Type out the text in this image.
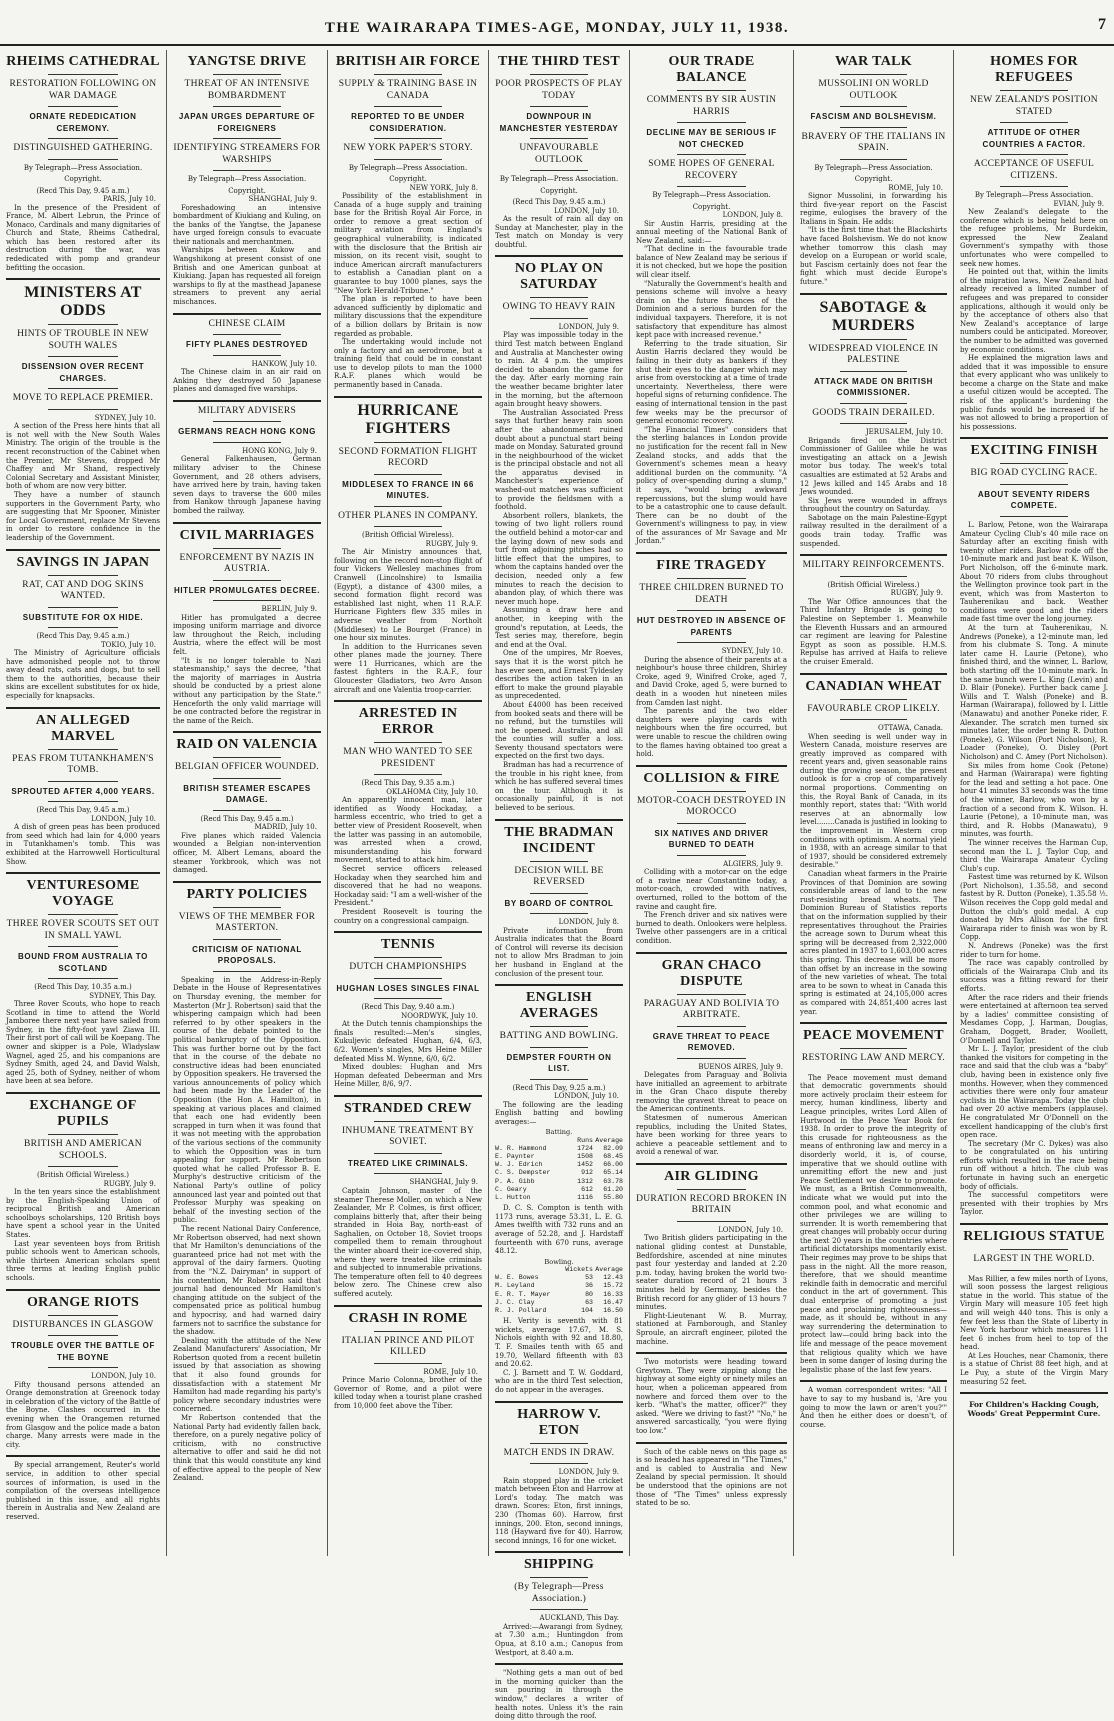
THE WAIRARAPA TIMES-AGE, MONDAY, JULY 11, 1938.	7
RHEIMS CATHEDRAL
RESTORATION FOLLOWING ON WAR DAMAGE
ORNATE REDEDICATION CEREMONY.
DISTINGUISHED GATHERING.
By Telegraph—Press Association.
Copyright.
(Recd This Day, 9.45 a.m.)
PARIS, July 10.

In the presence of the President of France, M. Albert Lebrun, the Prince of Monaco, Cardinals and many dignitaries of Church and State, Rheims Cathedral, which has been restored after its destruction during the war, was rededicated with pomp and grandeur befitting the occasion.

MINISTERS AT ODDS
HINTS OF TROUBLE IN NEW SOUTH WALES
DISSENSION OVER RECENT CHARGES.
MOVE TO REPLACE PREMIER.
SYDNEY, July 10.

A section of the Press here hints that all is not well with the New South Wales Ministry. The origin of the trouble is the recent reconstruction of the Cabinet when the Premier, Mr Stevens, dropped Mr Chaffey and Mr Shand, respectively Colonial Secretary and Assistant Minister, both of whom are now very bitter.

They have a number of staunch supporters in the Government Party, who are suggesting that Mr Spooner, Minister for Local Government, replace Mr Stevens in order to restore confidence in the leadership of the Government.

SAVINGS IN JAPAN
RAT, CAT AND DOG SKINS WANTED.
SUBSTITUTE FOR OX HIDE.
(Recd This Day, 9.45 a.m.)
TOKIO, July 10.

The Ministry of Agriculture officials have admonished people not to throw away dead rats, cats and dogs, but to sell them to the authorities, because their skins are excellent substitutes for ox hide, especially for knapsacks.

AN ALLEGED MARVEL
PEAS FROM TUTANKHAMEN'S TOMB.
SPROUTED AFTER 4,000 YEARS.
(Recd This Day, 9.45 a.m.)
LONDON, July 10.

A dish of green peas has been produced from seed which had lain for 4,000 years in Tutankhamen's tomb. This was exhibited at the Harrowwell Horticultural Show.

VENTURESOME VOYAGE
THREE ROVER SCOUTS SET OUT IN SMALL YAWL
BOUND FROM AUSTRALIA TO SCOTLAND
(Recd This Day, 10.35 a.m.)
SYDNEY, This Day.

Three Rover Scouts, who hope to reach Scotland in time to attend the World Jamboree there next year have sailed from Sydney, in the fifty-foot yawl Ziawa III. Their first port of call will be Koepang. The owner and skipper is a Pole, Wladyslaw Wagnel, aged 25, and his companions are Sydney Smith, aged 24, and David Walsh, aged 25, both of Sydney, neither of whom have been at sea before.

EXCHANGE OF PUPILS
BRITISH AND AMERICAN SCHOOLS.
(British Official Wireless.)
RUGBY, July 9.

In the ten years since the establishment by the English-Speaking Union of reciprocal British and American schoolboys scholarships, 120 British boys have spent a school year in the United States.

Last year seventeen boys from British public schools went to American schools, while thirteen American scholars spent three terms at leading English public schools.

ORANGE RIOTS
DISTURBANCES IN GLASGOW
TROUBLE OVER THE BATTLE OF THE BOYNE
LONDON, July 10.

Fifty thousand persons attended an Orange demonstration at Greenock today in celebration of the victory of the Battle of the Boyne. Clashes occurred in the evening when the Orangemen returned from Glasgow and the police made a baton charge. Many arrests were made in the city.

By special arrangement, Reuter's world service, in addition to other special sources of information, is used in the compilation of the overseas intelligence published in this issue, and all rights therein in Australia and New Zealand are reserved.

YANGTSE DRIVE
THREAT OF AN INTENSIVE BOMBARDMENT
JAPAN URGES DEPARTURE OF FOREIGNERS
IDENTIFYING STREAMERS FOR WARSHIPS
By Telegraph—Press Association.
Copyright.
SHANGHAI, July 9.

Foreshadowing an intensive bombardment of Kiukiang and Kuling, on the banks of the Yangtse, the Japanese have urged foreign consuls to evacuate their nationals and merchantmen.

Warships between Kukow and Wangshikong at present consist of one British and one American gunboat at Kiukiang. Japan has requested all foreign warships to fly at the masthead Japanese streamers to prevent any aerial mischances.

CHINESE CLAIM
FIFTY PLANES DESTROYED
HANKOW, July 10.

The Chinese claim in an air raid on Anking they destroyed 50 Japanese planes and damaged five warships.

MILITARY ADVISERS
GERMANS REACH HONG KONG
HONG KONG, July 9.

General Falkenhausen, German military adviser to the Chinese Government, and 28 others advisers, have arrived here by train, having taken seven days to traverse the 600 miles from Hankow through Japanese having bombed the railway.

CIVIL MARRIAGES
ENFORCEMENT BY NAZIS IN AUSTRIA.
HITLER PROMULGATES DECREE.
BERLIN, July 9.

Hitler has promulgated a decree imposing uniform marriage and divorce law throughout the Reich, including Austria, where the effect will be most felt.

"It is no longer tolerable to Nazi statesmanship," says the decree, "that the majority of marriages in Austria should be conducted by a priest alone without any participation by the State." Henceforth the only valid marriage will be one contracted before the registrar in the name of the Reich.

RAID ON VALENCIA
BELGIAN OFFICER WOUNDED.
BRITISH STEAMER ESCAPES DAMAGE.
(Recd This Day, 9.45 a.m.)
MADRID, July 10.

Five planes which raided Valencia wounded a Belgian non-intervention officer, M. Albert Lemans, aboard the steamer Yorkbrook, which was not damaged.

PARTY POLICIES
VIEWS OF THE MEMBER FOR MASTERTON.
CRITICISM OF NATIONAL PROPOSALS.

Speaking in the Address-in-Reply Debate in the House of Representatives on Thursday evening, the member for Masterton (Mr J. Robertson) said that the whispering campaign which had been referred to by other speakers in the course of the debate pointed to the political bankruptcy of the Opposition. This was further borne out by the fact that in the course of the debate no constructive ideas had been enunciated by Opposition speakers. He traversed the various announcements of policy which had been made by the Leader of the Opposition (the Hon A. Hamilton), in speaking at various places and claimed that each one had evidently been scrapped in turn when it was found that it was not meeting with the approbation of the various sections of the community to which the Opposition was in turn appealing for support. Mr Robertson quoted what he called Professor B. E. Murphy's destructive criticism of the National Party's outline of policy announced last year and pointed out that Professor Murphy was speaking on behalf of the investing section of the public.

The recent National Dairy Conference, Mr Robertson observed, had next shown that Mr Hamilton's denunciations of the guaranteed price had not met with the approval of the dairy farmers. Quoting from the "N.Z. Dairyman" in support of his contention, Mr Robertson said that journal had denounced Mr Hamilton's changing attitude on the subject of the compensated price as political humbug and hypocrisy, and had warned dairy farmers not to sacrifice the substance for the shadow.

Dealing with the attitude of the New Zealand Manufacturers' Association, Mr Robertson quoted from a recent bulletin issued by that association as showing that it also found grounds for dissatisfaction with a statement Mr Hamilton had made regarding his party's policy where secondary industries were concerned.

Mr Robertson contended that the National Party had evidently fallen back, therefore, on a purely negative policy of criticism, with no constructive alternative to offer and said he did not think that this would constitute any kind of effective appeal to the people of New Zealand.

BRITISH AIR FORCE
SUPPLY & TRAINING BASE IN CANADA
REPORTED TO BE UNDER CONSIDERATION.
NEW YORK PAPER'S STORY.
By Telegraph—Press Association.
Copyright.
NEW YORK, July 8.

Possibility of the establishment in Canada of a huge supply and training base for the British Royal Air Force, in order to remove a great section of military aviation from England's geographical vulnerability, is indicated with the disclosure that the British air mission, on its recent visit, sought to induce American aircraft manufacturers to establish a Canadian plant on a guarantee to buy 1000 planes, says the "New York Herald-Tribune."

The plan is reported to have been advanced sufficiently by diplomatic and military discussions that the expenditure of a billion dollars by Britain is now regarded as probable.

The undertaking would include not only a factory and an aerodrome, but a training field that could be in constant use to develop pilots to man the 1000 R.A.F. planes which would be permanently based in Canada.

HURRICANE FIGHTERS
SECOND FORMATION FLIGHT RECORD
MIDDLESEX TO FRANCE IN 66 MINUTES.
OTHER PLANES IN COMPANY.
(British Official Wireless).
RUGBY, July 9.

The Air Ministry announces that, following on the record non-stop flight of four Vickers Wellesley machines from Cranwell (Lincolnshire) to Ismailia (Egypt), a distance of 4300 miles, a second formation flight record was established last night, when 11 R.A.F. Hurricane Fighters flew 335 miles in adverse weather from Northolt (Middlesex) to Le Bourget (France) in one hour six minutes.

In addition to the Hurricanes seven other planes made the journey. There were 11 Hurricanes, which are the fastest fighters in the R.A.F., four Gloucester Gladiators, two Avro Anson aircraft and one Valentia troop-carrier.

ARRESTED IN ERROR
MAN WHO WANTED TO SEE PRESIDENT
(Recd This Day, 9.35 a.m.)
OKLAHOMA City, July 10.

An apparently innocent man, later identified as Woody Hockaday, a harmless eccentric, who tried to get a better view of President Roosevelt, when the latter was passing in an automobile, was arrested when a crowd, misunderstanding his forward movement, started to attack him.

Secret service officers released Hockaday when they searched him and discovered that he had no weapons. Hockaday said: "I am a well-wisher of the President."

President Roosevelt is touring the country on a congressional campaign.

TENNIS
DUTCH CHAMPIONSHIPS
HUGHAN LOSES SINGLES FINAL
(Recd This Day, 9.40 a.m.)
NOORDWYK, July 10.

At the Dutch tennis championships the finals resulted:—Men's singles, Kukuljevic defeated Hughan, 6/4, 6/3, 6/2. Women's singles, Mrs Heine Miller defeated Miss M. Wynne, 6/0, 6/2.

Mixed doubles: Hughan and Mrs Hopman defeated Debeerman and Mrs Heine Miller, 8/6, 9/7.

STRANDED CREW
INHUMANE TREATMENT BY SOVIET.
TREATED LIKE CRIMINALS.
SHANGHAI, July 9.

Captain Johnson, master of the steamer Therese Moller, on which a New Zealander, Mr P. Colmes, is first officer, complains bitterly that, after their being stranded in Hoia Bay, north-east of Saghalien, on October 18, Soviet troops compelled them to remain throughout the winter aboard their ice-covered ship, where they were treated like criminals and subjected to innumerable privations. The temperature often fell to 40 degrees below zero. The Chinese crew also suffered acutely.

CRASH IN ROME
ITALIAN PRINCE AND PILOT KILLED
ROME, July 10.

Prince Mario Colonna, brother of the Governor of Rome, and a pilot were killed today when a tourist plane crashed from 10,000 feet above the Tiber.

THE THIRD TEST
POOR PROSPECTS OF PLAY TODAY
DOWNPOUR IN MANCHESTER YESTERDAY
UNFAVOURABLE OUTLOOK
By Telegraph—Press Association.
Copyright.
(Recd This Day, 9.45 a.m.)
LONDON, July 10.

As the result of rain all day on Sunday at Manchester, play in the Test match on Monday is very doubtful.

NO PLAY ON SATURDAY
OWING TO HEAVY RAIN
LONDON, July 9.

Play was impossible today in the third Test match between England and Australia at Manchester owing to rain. At 4 p.m. the umpires decided to abandon the game for the day. After early morning rain the weather became brighter later in the morning, but the afternoon again brought heavy showers.

The Australian Associated Press says that further heavy rain soon after the abandonment ruined doubt about a punctual start being made on Monday. Saturated ground in the neighbourhood of the wicket is the principal obstacle and not all the apparatus devised in Manchester's experience of washed-out matches was sufficient to provide the fieldsmen with a foothold.

Absorbent rollers, blankets, the towing of two light rollers round the outfield behind a motor-car and the laying down of new sods and turf from adjoining pitches had so little effect that the umpires, to whom the captains handed over the decision, needed only a few minutes to reach the decision to abandon play, of which there was never much hope.

Assuming a draw here and another, in keeping with the ground's reputation, at Leeds, the Test series may, therefore, begin and end at the Oval.

One of the umpires, Mr Roeves, says that it is the worst pitch he has ever seen, and Ernest Tyldesley describes the action taken in an effort to make the ground playable as unprecedented.

About £4000 has been received from booked seats and there will be no refund, but the turnstiles will not be opened. Australia, and all the counties will suffer a loss. Seventy thousand spectators were expected on the first two days.

Bradman has had a recurrence of the trouble in his right knee, from which he has suffered several times on the tour. Although it is occasionally painful, it is not believed to be serious.

THE BRADMAN INCIDENT
DECISION WILL BE REVERSED
BY BOARD OF CONTROL
LONDON, July 8.

Private information from Australia indicates that the Board of Control will reverse its decision not to allow Mrs Bradman to join her husband in England at the conclusion of the present tour.

ENGLISH AVERAGES
BATTING AND BOWLING.
DEMPSTER FOURTH ON LIST.
(Recd This Day, 9.25 a.m.)
LONDON, July 10.

The following are the leading English batting and bowling averages:—

Batting.
Runs Average
W. R. Hammond	1724	82.09
E. Paynter	1508	68.45
W. J. Edrich	1452	66.00
C. S. Dempster	912	65.14
P. A. Gibb	1312	63.78
C. Geary	612	61.20
L. Hutton	1116	55.80

D. C. S. Compton is tenth with 1173 runs, average 53.31, L. E. G. Ames twelfth with 732 runs and an average of 52.28, and J. Hardstaff fourteenth with 670 runs, average 48.12.

Bowling.
Wickets Average
W. E. Bowes	53	12.43
M. Leyland	36	15.72
E. R. T. Mayer	80	16.33
J. C. Clay	63	16.47
R. J. Pollard	104	16.50

H. Verity is seventh with 81 wickets, average 17.67, M. S. Nichols eighth with 92 and 18.80, T. F. Smailes tenth with 65 and 19.70, Wellard fifteenth with 83 and 20.62.

C. J. Barnett and T. W. Goddard, who are in the third Test selection, do not appear in the averages.

HARROW V. ETON
MATCH ENDS IN DRAW.
LONDON, July 9.

Rain stopped play in the cricket match between Eton and Harrow at Lord's today. The match was drawn. Scores: Eton, first innings, 230 (Thomas 60). Harrow, first innings, 200. Eton, second innings, 118 (Hayward five for 40). Harrow, second innings, 16 for one wicket.

SHIPPING
(By Telegraph—Press Association.)
AUCKLAND, This Day.

Arrived:—Awarangi from Sydney, at 7.30 a.m.; Huntingdon from Opua, at 8.10 a.m.; Canopus from Westport, at 8.40 a.m.

"Nothing gets a man out of bed in the morning quicker than the sun pouring in through the window," declares a writer of health notes. Unless it's the rain doing ditto through the roof.

OUR TRADE BALANCE
COMMENTS BY SIR AUSTIN HARRIS
DECLINE MAY BE SERIOUS IF NOT CHECKED
SOME HOPES OF GENERAL RECOVERY
By Telegraph—Press Association.
Copyright.
LONDON, July 8.

Sir Austin Harris, presiding at the annual meeting of the National Bank of New Zealand, said:—

"That decline in the favourable trade balance of New Zealand may be serious if it is not checked, but we hope the position will clear itself.

"Naturally the Government's health and pensions scheme will involve a heavy drain on the future finances of the Dominion and a serious burden for the individual taxpayers. Therefore, it is not satisfactory that expenditure has almost kept pace with increased revenue."

Referring to the trade situation, Sir Austin Harris declared they would be failing in their duty as bankers if they shut their eyes to the danger which may arise from overstocking at a time of trade uncertainty. Nevertheless, there were hopeful signs of returning confidence. The easing of international tension in the past few weeks may be the precursor of general economic recovery.

"The Financial Times" considers that the sterling balances in London provide no justification for the recent fall in New Zealand stocks, and adds that the Government's schemes mean a heavy additional burden on the community. "A policy of over-spending during a slump," it says, "would bring awkward repercussions, but the slump would have to be a catastrophic one to cause default. There can be no doubt of the Government's willingness to pay, in view of the assurances of Mr Savage and Mr Jordan."

FIRE TRAGEDY
THREE CHILDREN BURNED TO DEATH
HUT DESTROYED IN ABSENCE OF PARENTS
SYDNEY, July 10.

During the absence of their parents at a neighbour's house three children, Shirley Croke, aged 9, Winifred Croke, aged 7, and David Croke, aged 5, were burned to death in a wooden hut nineteen miles from Camden last night.

The parents and the two elder daughters were playing cards with neighbours when the fire occurred, but were unable to rescue the children owing to the flames having obtained too great a hold.

COLLISION & FIRE
MOTOR-COACH DESTROYED IN MOROCCO
SIX NATIVES AND DRIVER BURNED TO DEATH
ALGIERS, July 9.

Colliding with a motor-car on the edge of a ravine near Constantine today, a motor-coach, crowded with natives, overturned, rolled to the bottom of the ravine and caught fire.

The French driver and six natives were burned to death. Onlookers were helpless. Twelve other passengers are in a critical condition.

GRAN CHACO DISPUTE
PARAGUAY AND BOLIVIA TO ARBITRATE.
GRAVE THREAT TO PEACE REMOVED.
BUENOS AIRES, July 9.

Delegates from Paraguay and Bolivia have initialled an agreement to arbitrate in the Gran Chaco dispute thereby removing the gravest threat to peace on the American continents.

Statesmen of numerous American republics, including the United States, have been working for three years to achieve a peaceable settlement and to avoid a renewal of war.

AIR GLIDING
DURATION RECORD BROKEN IN BRITAIN
LONDON, July 10.

Two British gliders participating in the national gliding contest at Dunstable, Bedfordshire, ascended at nine minutes past four yesterday and landed at 2.20 p.m. today, having broken the world two-seater duration record of 21 hours 3 minutes held by Germany, besides the British record for any glider of 13 hours 7 minutes.

Flight-Lieutenant W. B. Murray, stationed at Farnborough, and Stanley Sproule, an aircraft engineer, piloted the machine.

Two motorists were heading toward Greytown. They were zipping along the highway at some eighty or ninety miles an hour, when a policeman appeared from nowhere and forced them over to the kerb. "What's the matter, officer?" they asked. "Were we driving to fast?" "No," he answered sarcastically, "you were flying too low."

Such of the cable news on this page as is so headed has appeared in "The Times," and is cabled to Australia and New Zealand by special permission. It should be understood that the opinions are not those of "The Times" unless expressly stated to be so.

WAR TALK
MUSSOLINI ON WORLD OUTLOOK
FASCISM AND BOLSHEVISM.
BRAVERY OF THE ITALIANS IN SPAIN.
By Telegraph—Press Association.
Copyright.
ROME, July 10.

Signor Mussolini, in forwarding his third five-year report on the Fascist regime, eulogises the bravery of the Italians in Spain. He adds:

"It is the first time that the Blackshirts have faced Bolshevism. We do not know whether tomorrow this clash may develop on a European or world scale, but Fascism certainly does not fear the fight which must decide Europe's future."

SABOTAGE & MURDERS
WIDESPREAD VIOLENCE IN PALESTINE
ATTACK MADE ON BRITISH COMMISSIONER.
GOODS TRAIN DERAILED.
JERUSALEM, July 10.

Brigands fired on the District Commissioner of Galilee while he was investigating an attack on a Jewish motor bus today. The week's total casualties are estimated at 52 Arabs and 12 Jews killed and 145 Arabs and 18 Jews wounded.

Six Jews were wounded in affrays throughout the country on Saturday.

Sabotage on the main Palestine-Egypt railway resulted in the derailment of a goods train today. Traffic was suspended.

MILITARY REINFORCEMENTS.
(British Official Wireless.)
RUGBY, July 9.

The War Office announces that the Third Infantry Brigade is going to Palestine on September 1. Meanwhile the Eleventh Hussars and an armoured car regiment are leaving for Palestine Egypt as soon as possible. H.M.S. Repulse has arrived at Haifa to relieve the cruiser Emerald.

CANADIAN WHEAT
FAVOURABLE CROP LIKELY.
OTTAWA, Canada.

When seeding is well under way in Western Canada, moisture reserves are greatly improved as compared with recent years and, given seasonable rains during the growing season, the present outlook is for a crop of comparatively normal proportions. Commenting on this, the Royal Bank of Canada, in its monthly report, states that: "With world reserves at an abnormally low level........Canada is justified in looking to the improvement in Western crop conditions with optimism. A normal yield in 1938, with an acreage similar to that of 1937, should be considered extremely desirable."

Canadian wheat farmers in the Prairie Provinces of that Dominion are sowing considerable areas of land to the new rust-resisting bread wheats. The Dominion Bureau of Statistics reports that on the information supplied by their representatives throughout the Prairies the acreage sown to Durum wheat this spring will be decreased from 2,322,000 acres planted in 1937 to 1,603,000 acres this spring. This decrease will be more than offset by an increase in the sowing of the new varieties of wheat. The total area to be sown to wheat in Canada this spring is estimated at 24,105,000 acres as compared with 24,851,400 acres last year.

PEACE MOVEMENT
RESTORING LAW AND MERCY.

The Peace movement must demand that democratic governments should more actively proclaim their esteem for mercy, human kindliness, liberty and League principles, writes Lord Allen of Hurtwood in the Peace Year Book for 1938. In order to prove the integrity of this crusade for righteousness as the means of enthroning law and mercy in a disorderly world, it is, of course, imperative that we should outline with unremitting effort the new and just Peace Settlement we desire to promote. We must, as a British Commonwealth, indicate what we would put into the common pool, and what economic and other privileges we are willing to surrender. It is worth remembering that great changes will probably occur during the next 20 years in the countries where artificial dictatorships momentarily exist. Their regimes may prove to be ships that pass in the night. All the more reason, therefore, that we should meantime rekindle faith in democratic and merciful conduct in the art of government. This dual enterprise of promoting a just peace and proclaiming righteousness—made, as it should be, without in any way surrendering the determination to protect law—could bring back into the life and message of the peace movement that religious quality which we have been in some danger of losing during the legalistic phase of the last few years.

A woman correspondent writes: "All I have to say to my husband is, 'Are you going to mow the lawn or aren't you?'" And then he either does or doesn't, of course.

HOMES FOR REFUGEES
NEW ZEALAND'S POSITION STATED
ATTITUDE OF OTHER COUNTRIES A FACTOR.
ACCEPTANCE OF USEFUL CITIZENS.
By Telegraph—Press Association.
EVIAN, July 9.

New Zealand's delegate to the conference which is being held here on the refugee problems, Mr Burdekin, expressed the New Zealand Government's sympathy with those unfortunates who were compelled to seek new homes.

He pointed out that, within the limits of the migration laws, New Zealand had already received a limited number of refugees and was prepared to consider applications, although it would only be by the acceptance of others also that New Zealand's acceptance of large numbers could be anticipated. Moreover, the number to be admitted was governed by economic conditions.

He explained the migration laws and added that it was impossible to ensure that every applicant who was unlikely to become a charge on the State and make a useful citizen would be accepted. The risk of the applicant's burdening the public funds would be increased if he was not allowed to bring a proportion of his possessions.

EXCITING FINISH
BIG ROAD CYCLING RACE.
ABOUT SEVENTY RIDERS COMPETE.

L. Barlow, Petone, won the Wairarapa Amateur Cycling Club's 40 mile race on Saturday after an exciting finish with twenty other riders. Barlow rode off the 10-minute mark and just beat K. Wilson, Port Nicholson, off the 6-minute mark. About 70 riders from clubs throughout the Wellington province took part in the event, which was from Masterton to Tauherenikau and back. Weather conditions were good and the riders made fast time over the long journey.

At the turn at Tauherenikau, N. Andrews (Poneke), a 12-minute man, led from his clubmate S. Tong. A minute later came H. Laurie (Petone), who finished third, and the winner, L. Barlow, both starting off the 10-minute mark. In the same bunch were L. King (Levin) and D. Blair (Poneke). Further back came J. Wills and T. Walsh (Poneke) and B. Harman (Wairarapa), followed by I. Little (Manawatu) and another Poneke rider, F. Alexander. The scratch men turned six minutes later, the order being R. Dutton (Poneke), G. Wilson (Port Nicholson), R. Loader (Poneke), O. Disley (Port Nicholson) and C. Amey (Port Nicholson).

Six miles from home Cook (Petone) and Harman (Wairarapa) were fighting for the lead and setting a hot pace. One hour 41 minutes 33 seconds was the time of the winner, Barlow, who won by a fraction of a second from K. Wilson. H. Laurie (Petone), a 10-minute man, was third, and R. Hobbs (Manawatu), 9 minutes, was fourth.

The winner receives the Harman Cup, second man the L. J. Taylor Cup, and third the Wairarapa Amateur Cycling Club's cup.

Fastest time was returned by K. Wilson (Port Nicholson), 1.35.58, and second fastest by R. Dutton (Poneke), 1.35.58 ½. Wilson receives the Copp gold medal and Dutton the club's gold medal. A cup donated by Mrs Allison for the first Wairarapa rider to finish was won by R. Copp.

N. Andrews (Poneke) was the first rider to turn for home.

The race was capably controlled by officials of the Wairarapa Club and its success was a fitting reward for their efforts.

After the race riders and their friends were entertained at afternoon tea served by a ladies' committee consisting of Mesdames Copp, J. Harman, Douglas, Graham, Doggett, Brader, Woollett, O'Donnell and Taylor.

Mr L. J. Taylor, president of the club thanked the visitors for competing in the race and said that the club was a "baby" club, having been in existence only five months. However, when they commenced activities there were only four amateur cyclists in the Wairarapa. Today the club had over 20 active members (applause). He congratulated Mr O'Donnell on the excellent handicapping of the club's first open race.

The secretary (Mr C. Dykes) was also to be congratulated on his untiring efforts which resulted in the race being run off without a hitch. The club was fortunate in having such an energetic body of officials.

The successful competitors were presented with their trophies by Mrs Taylor.

RELIGIOUS STATUE
LARGEST IN THE WORLD.

Mas Rillier, a few miles north of Lyons, will soon possess the largest religious statue in the world. This statue of the Virgin Mary will measure 105 feet high and will weigh 440 tons. This is only a few feet less than the State of Liberty in New York harbour which measures 111 feet 6 inches from heel to top of the head.

At Les Houches, near Chamonix, there is a statue of Christ 88 feet high, and at Le Puy, a stute of the Virgin Mary measuring 52 feet.

For Children's Hacking Cough, Woods' Great Peppermint Cure.
